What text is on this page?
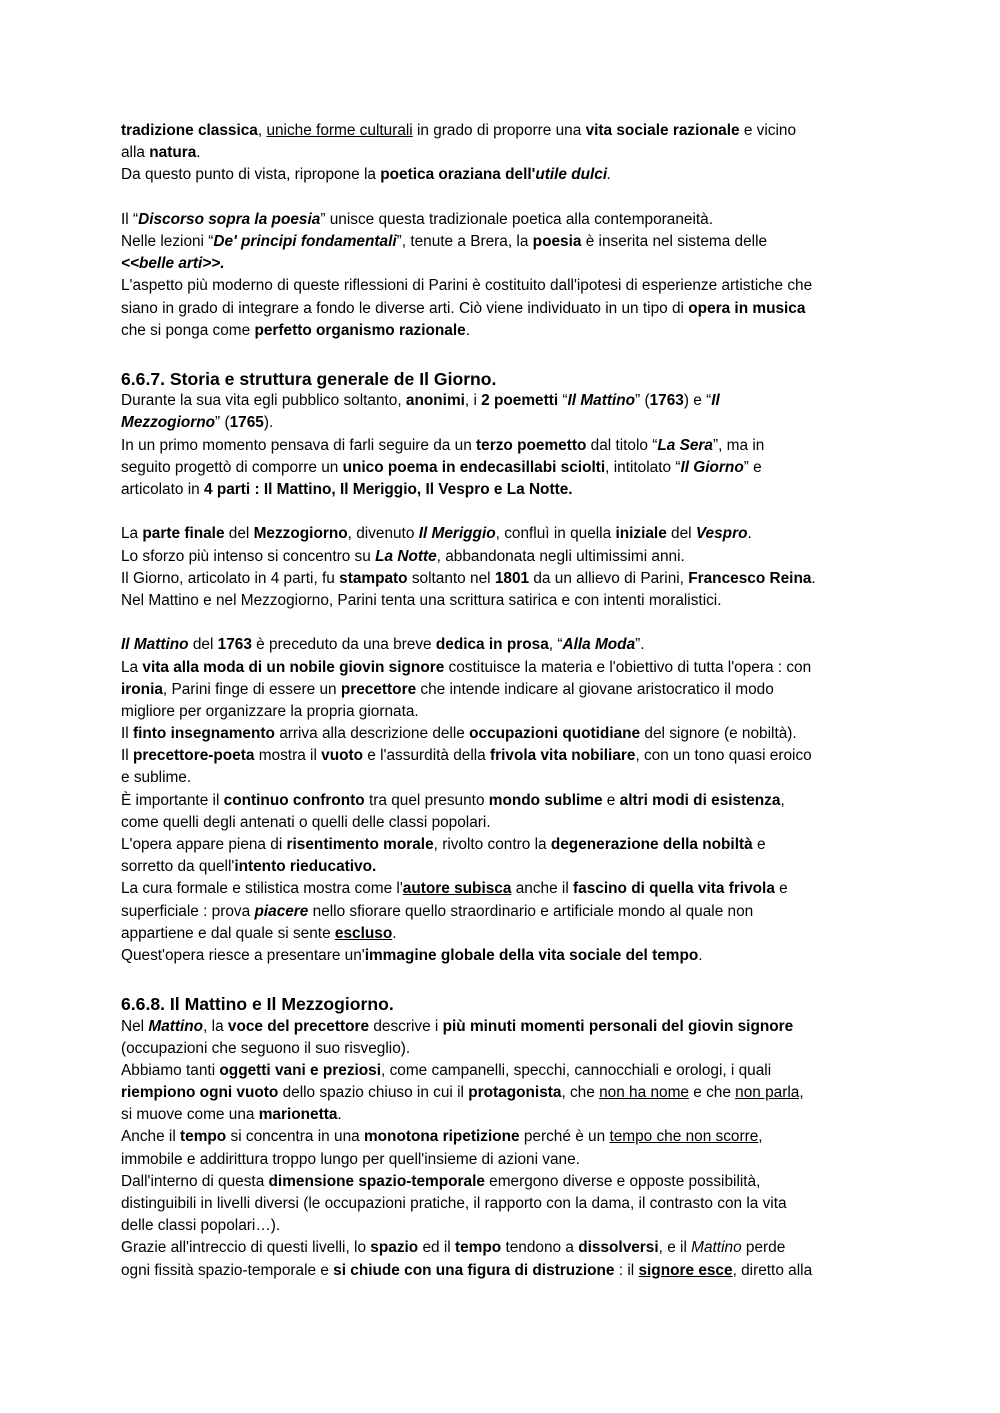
tradizione classica, uniche forme culturali in grado di proporre una vita sociale razionale e vicino
alla natura.
Da questo punto di vista, ripropone la poetica oraziana dell'utile dulci.
Il “Discorso sopra la poesia” unisce questa tradizionale poetica alla contemporaneità.
Nelle lezioni “De' principi fondamentali”, tenute a Brera, la poesia è inserita nel sistema delle
<<belle arti>>.
L'aspetto più moderno di queste riflessioni di Parini è costituito dall'ipotesi di esperienze artistiche che
siano in grado di integrare a fondo le diverse arti. Ciò viene individuato in un tipo di opera in musica
che si ponga come perfetto organismo razionale.
6.6.7. Storia e struttura generale de Il Giorno.
Durante la sua vita egli pubblico soltanto, anonimi, i 2 poemetti “Il Mattino” (1763) e “Il
Mezzogiorno” (1765).
In un primo momento pensava di farli seguire da un terzo poemetto dal titolo “La Sera”, ma in
seguito progettò di comporre un unico poema in endecasillabi sciolti, intitolato “Il Giorno” e
articolato in 4 parti : Il Mattino, Il Meriggio, Il Vespro e La Notte.
La parte finale del Mezzogiorno, divenuto Il Meriggio, confluì in quella iniziale del Vespro.
Lo sforzo più intenso si concentro su La Notte, abbandonata negli ultimissimi anni.
Il Giorno, articolato in 4 parti, fu stampato soltanto nel 1801 da un allievo di Parini, Francesco Reina.
Nel Mattino e nel Mezzogiorno, Parini tenta una scrittura satirica e con intenti moralistici.
Il Mattino del 1763 è preceduto da una breve dedica in prosa, “Alla Moda”.
La vita alla moda di un nobile giovin signore costituisce la materia e l'obiettivo di tutta l'opera : con
ironia, Parini finge di essere un precettore che intende indicare al giovane aristocratico il modo
migliore per organizzare la propria giornata.
Il finto insegnamento arriva alla descrizione delle occupazioni quotidiane del signore (e nobiltà).
Il precettore-poeta mostra il vuoto e l'assurdità della frivola vita nobiliare, con un tono quasi eroico
e sublime.
È importante il continuo confronto tra quel presunto mondo sublime e altri modi di esistenza,
come quelli degli antenati o quelli delle classi popolari.
L'opera appare piena di risentimento morale, rivolto contro la degenerazione della nobiltà e
sorretto da quell'intento rieducativo.
La cura formale e stilistica mostra come l'autore subisca anche il fascino di quella vita frivola e
superficiale : prova piacere nello sfiorare quello straordinario e artificiale mondo al quale non
appartiene e dal quale si sente escluso.
Quest'opera riesce a presentare un'immagine globale della vita sociale del tempo.
6.6.8. Il Mattino e Il Mezzogiorno.
Nel Mattino, la voce del precettore descrive i più minuti momenti personali del giovin signore
(occupazioni che seguono il suo risveglio).
Abbiamo tanti oggetti vani e preziosi, come campanelli, specchi, cannocchiali e orologi, i quali
riempiono ogni vuoto dello spazio chiuso in cui il protagonista, che non ha nome e che non parla,
si muove come una marionetta.
Anche il tempo si concentra in una monotona ripetizione perché è un tempo che non scorre,
immobile e addirittura troppo lungo per quell'insieme di azioni vane.
Dall'interno di questa dimensione spazio-temporale emergono diverse e opposte possibilità,
distinguibili in livelli diversi (le occupazioni pratiche, il rapporto con la dama, il contrasto con la vita
delle classi popolari…).
Grazie all'intreccio di questi livelli, lo spazio ed il tempo tendono a dissolversi, e il Mattino perde
ogni fissità spazio-temporale e si chiude con una figura di distruzione : il signore esce, diretto alla
